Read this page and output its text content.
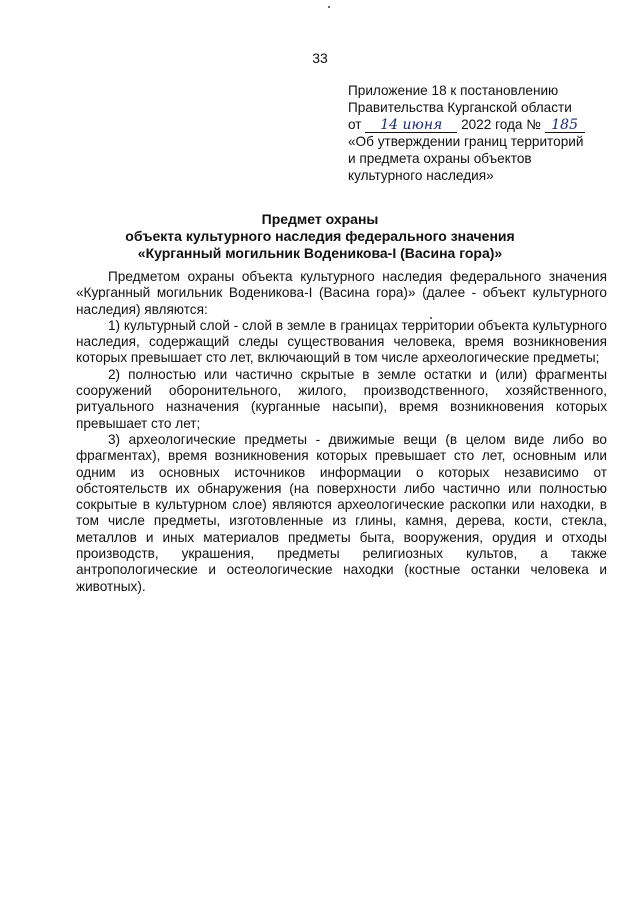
33
Приложение 18 к постановлению
Правительства Курганской области
от 14 июня 2022 года № 185
«Об утверждении границ территорий
и предмета охраны объектов
культурного наследия»
Предмет охраны
объекта культурного наследия федерального значения
«Курганный могильник Воденикова-I (Васина гора)»

Предметом охраны объекта культурного наследия федерального значения «Курганный могильник Воденикова-I (Васина гора)» (далее - объект культурного наследия) являются:

1) культурный слой - слой в земле в границах территории объекта культурного наследия, содержащий следы существования человека, время возникновения которых превышает сто лет, включающий в том числе археологические предметы;

2) полностью или частично скрытые в земле остатки и (или) фрагменты сооружений оборонительного, жилого, производственного, хозяйственного, ритуального назначения (курганные насыпи), время возникновения которых превышает сто лет;

3) археологические предметы - движимые вещи (в целом виде либо во фрагментах), время возникновения которых превышает сто лет, основным или одним из основных источников информации о которых независимо от обстоятельств их обнаружения (на поверхности либо частично или полностью сокрытые в культурном слое) являются археологические раскопки или находки, в том числе предметы, изготовленные из глины, камня, дерева, кости, стекла, металлов и иных материалов предметы быта, вооружения, орудия и отходы производств, украшения, предметы религиозных культов, а также антропологические и остеологические находки (костные останки человека и животных).
